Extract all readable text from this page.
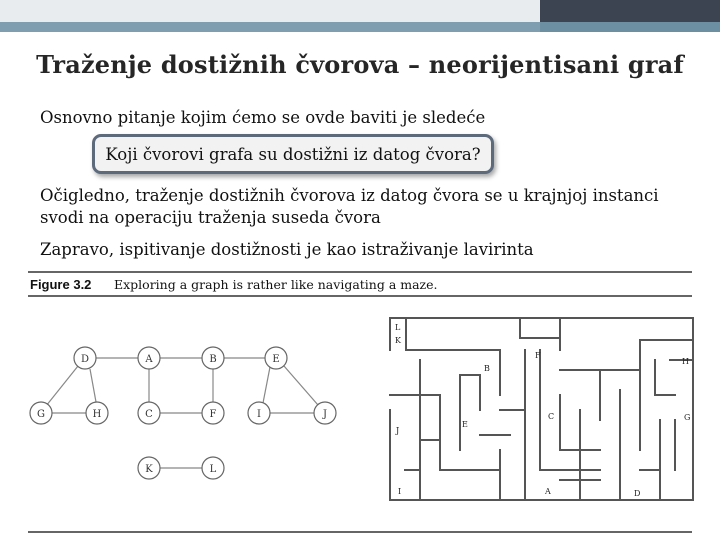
Traženje dostižnih čvorova – neorijentisani graf
Osnovno pitanje kojim ćemo se ovde baviti je sledeće
Koji čvorovi grafa su dostižni iz datog čvora?
Očigledno, traženje dostižnih čvorova iz datog čvora se u krajnjoj instanci
svodi na operaciju traženja suseda čvora
Zapravo, ispitivanje dostižnosti je kao istraživanje lavirinta
Figure 3.2 Exploring a graph is rather like navigating a maze.
D	A	B	E
G	H	C	F	I	J
K	L
L
K
B
F
H
E
C	G
J
I	A	D
